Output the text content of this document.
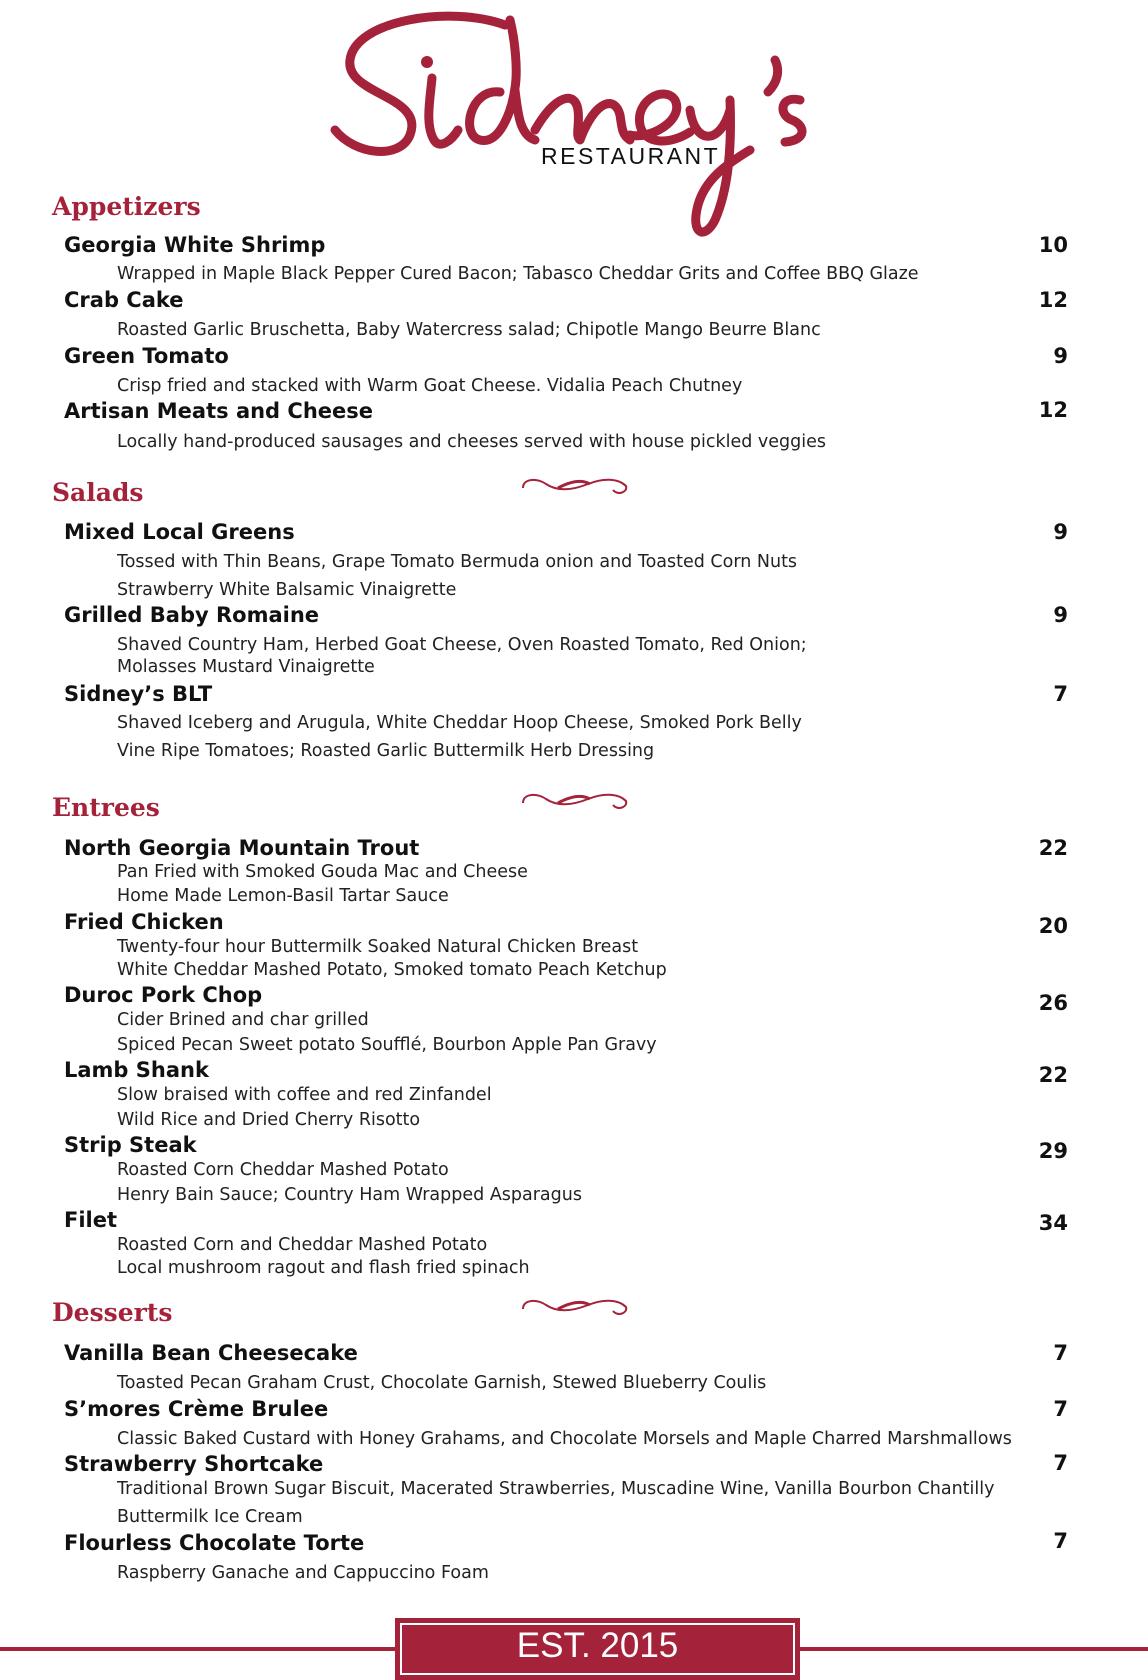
RESTAURANT
Appetizers
Georgia White Shrimp	10
Wrapped in Maple Black Pepper Cured Bacon; Tabasco Cheddar Grits and Coffee BBQ Glaze
Crab Cake	12
Roasted Garlic Bruschetta, Baby Watercress salad; Chipotle Mango Beurre Blanc
Green Tomato	9
Crisp fried and stacked with Warm Goat Cheese. Vidalia Peach Chutney
Artisan Meats and Cheese	12
Locally hand-produced sausages and cheeses served with house pickled veggies
Salads
Mixed Local Greens	9
Tossed with Thin Beans, Grape Tomato Bermuda onion and Toasted Corn Nuts
Strawberry White Balsamic Vinaigrette
Grilled Baby Romaine	9
Shaved Country Ham, Herbed Goat Cheese, Oven Roasted Tomato, Red Onion;
Molasses Mustard Vinaigrette
Sidney’s BLT	7
Shaved Iceberg and Arugula, White Cheddar Hoop Cheese, Smoked Pork Belly
Vine Ripe Tomatoes; Roasted Garlic Buttermilk Herb Dressing
Entrees
North Georgia Mountain Trout	22
Pan Fried with Smoked Gouda Mac and Cheese
Home Made Lemon-Basil Tartar Sauce
Fried Chicken	20
Twenty-four hour Buttermilk Soaked Natural Chicken Breast
White Cheddar Mashed Potato, Smoked tomato Peach Ketchup
Duroc Pork Chop	26
Cider Brined and char grilled
Spiced Pecan Sweet potato Soufflé, Bourbon Apple Pan Gravy
Lamb Shank	22
Slow braised with coffee and red Zinfandel
Wild Rice and Dried Cherry Risotto
Strip Steak	29
Roasted Corn Cheddar Mashed Potato
Henry Bain Sauce; Country Ham Wrapped Asparagus
Filet	34
Roasted Corn and Cheddar Mashed Potato
Local mushroom ragout and flash fried spinach
Desserts
Vanilla Bean Cheesecake	7
Toasted Pecan Graham Crust, Chocolate Garnish, Stewed Blueberry Coulis
S’mores Crème Brulee	7
Classic Baked Custard with Honey Grahams, and Chocolate Morsels and Maple Charred Marshmallows
Strawberry Shortcake	7
Traditional Brown Sugar Biscuit, Macerated Strawberries, Muscadine Wine, Vanilla Bourbon Chantilly
Buttermilk Ice Cream
Flourless Chocolate Torte	7
Raspberry Ganache and Cappuccino Foam
EST. 2015
